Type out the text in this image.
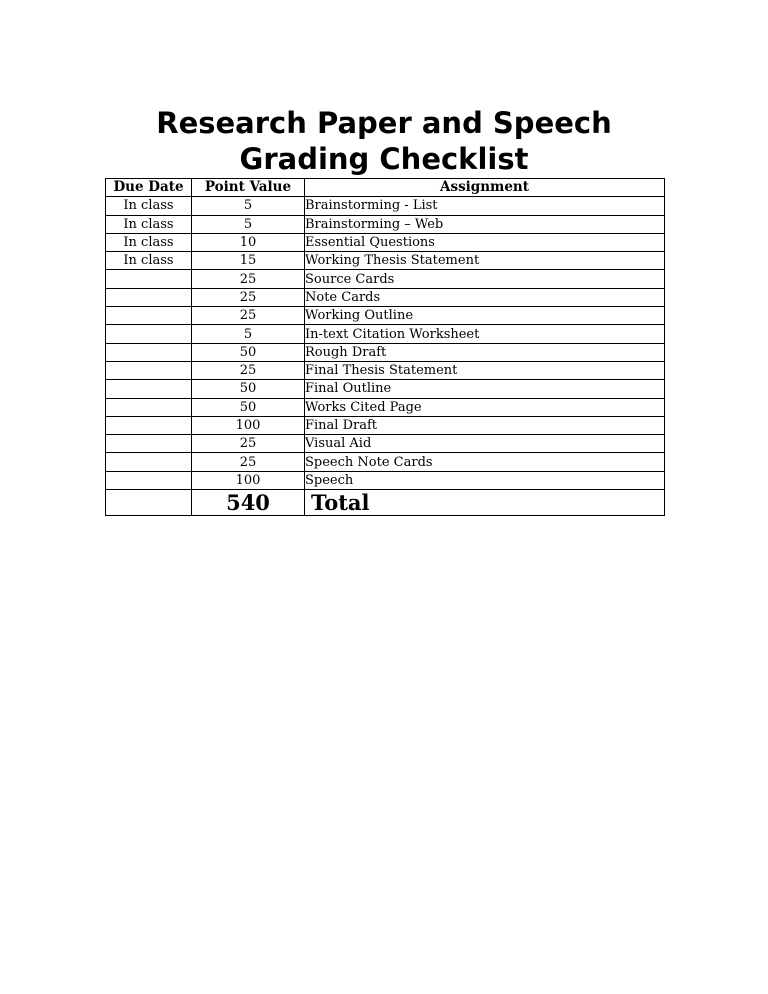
Research Paper and Speech
Grading Checklist
Due Date	Point Value	Assignment
In class	5	Brainstorming - List
In class	5	Brainstorming – Web
In class	10	Essential Questions
In class	15	Working Thesis Statement
	25	Source Cards
	25	Note Cards
	25	Working Outline
	5	In-text Citation Worksheet
	50	Rough Draft
	25	Final Thesis Statement
	50	Final Outline
	50	Works Cited Page
	100	Final Draft
	25	Visual Aid
	25	Speech Note Cards
	100	Speech
	540	Total
